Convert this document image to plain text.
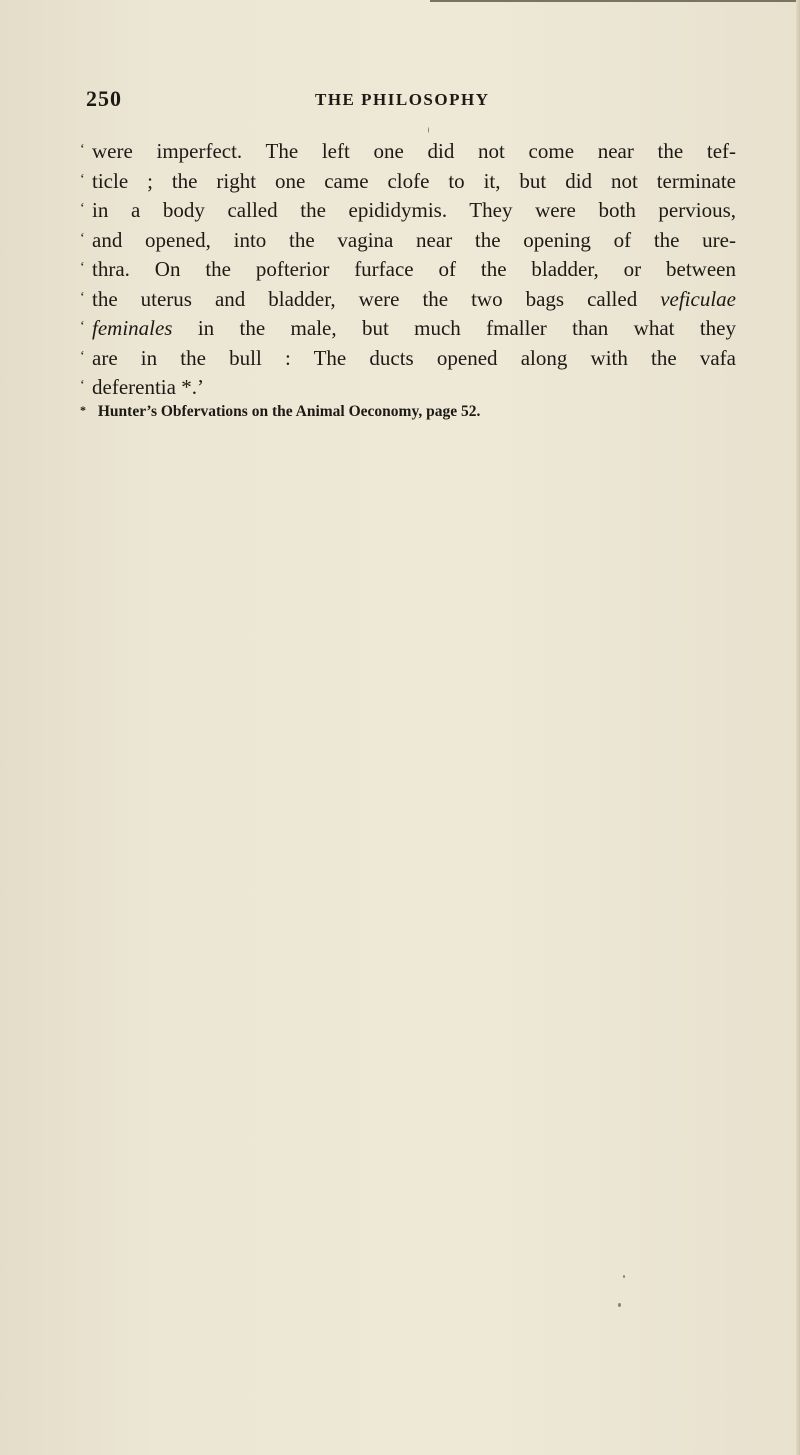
250	THE PHILOSOPHY
‘ were imperfect. The left one did not come near the tef-
‘ ticle ; the right one came clofe to it, but did not terminate
‘ in a body called the epididymis. They were both pervious,
‘ and opened, into the vagina near the opening of the ure-
‘ thra. On the pofterior furface of the bladder, or between
‘ the uterus and bladder, were the two bags called veficulae
‘ feminales in the male, but much fmaller than what they
‘ are in the bull : The ducts opened along with the vafa
‘ deferentia *.’
* Hunter’s Obfervations on the Animal Oeconomy, page 52.
